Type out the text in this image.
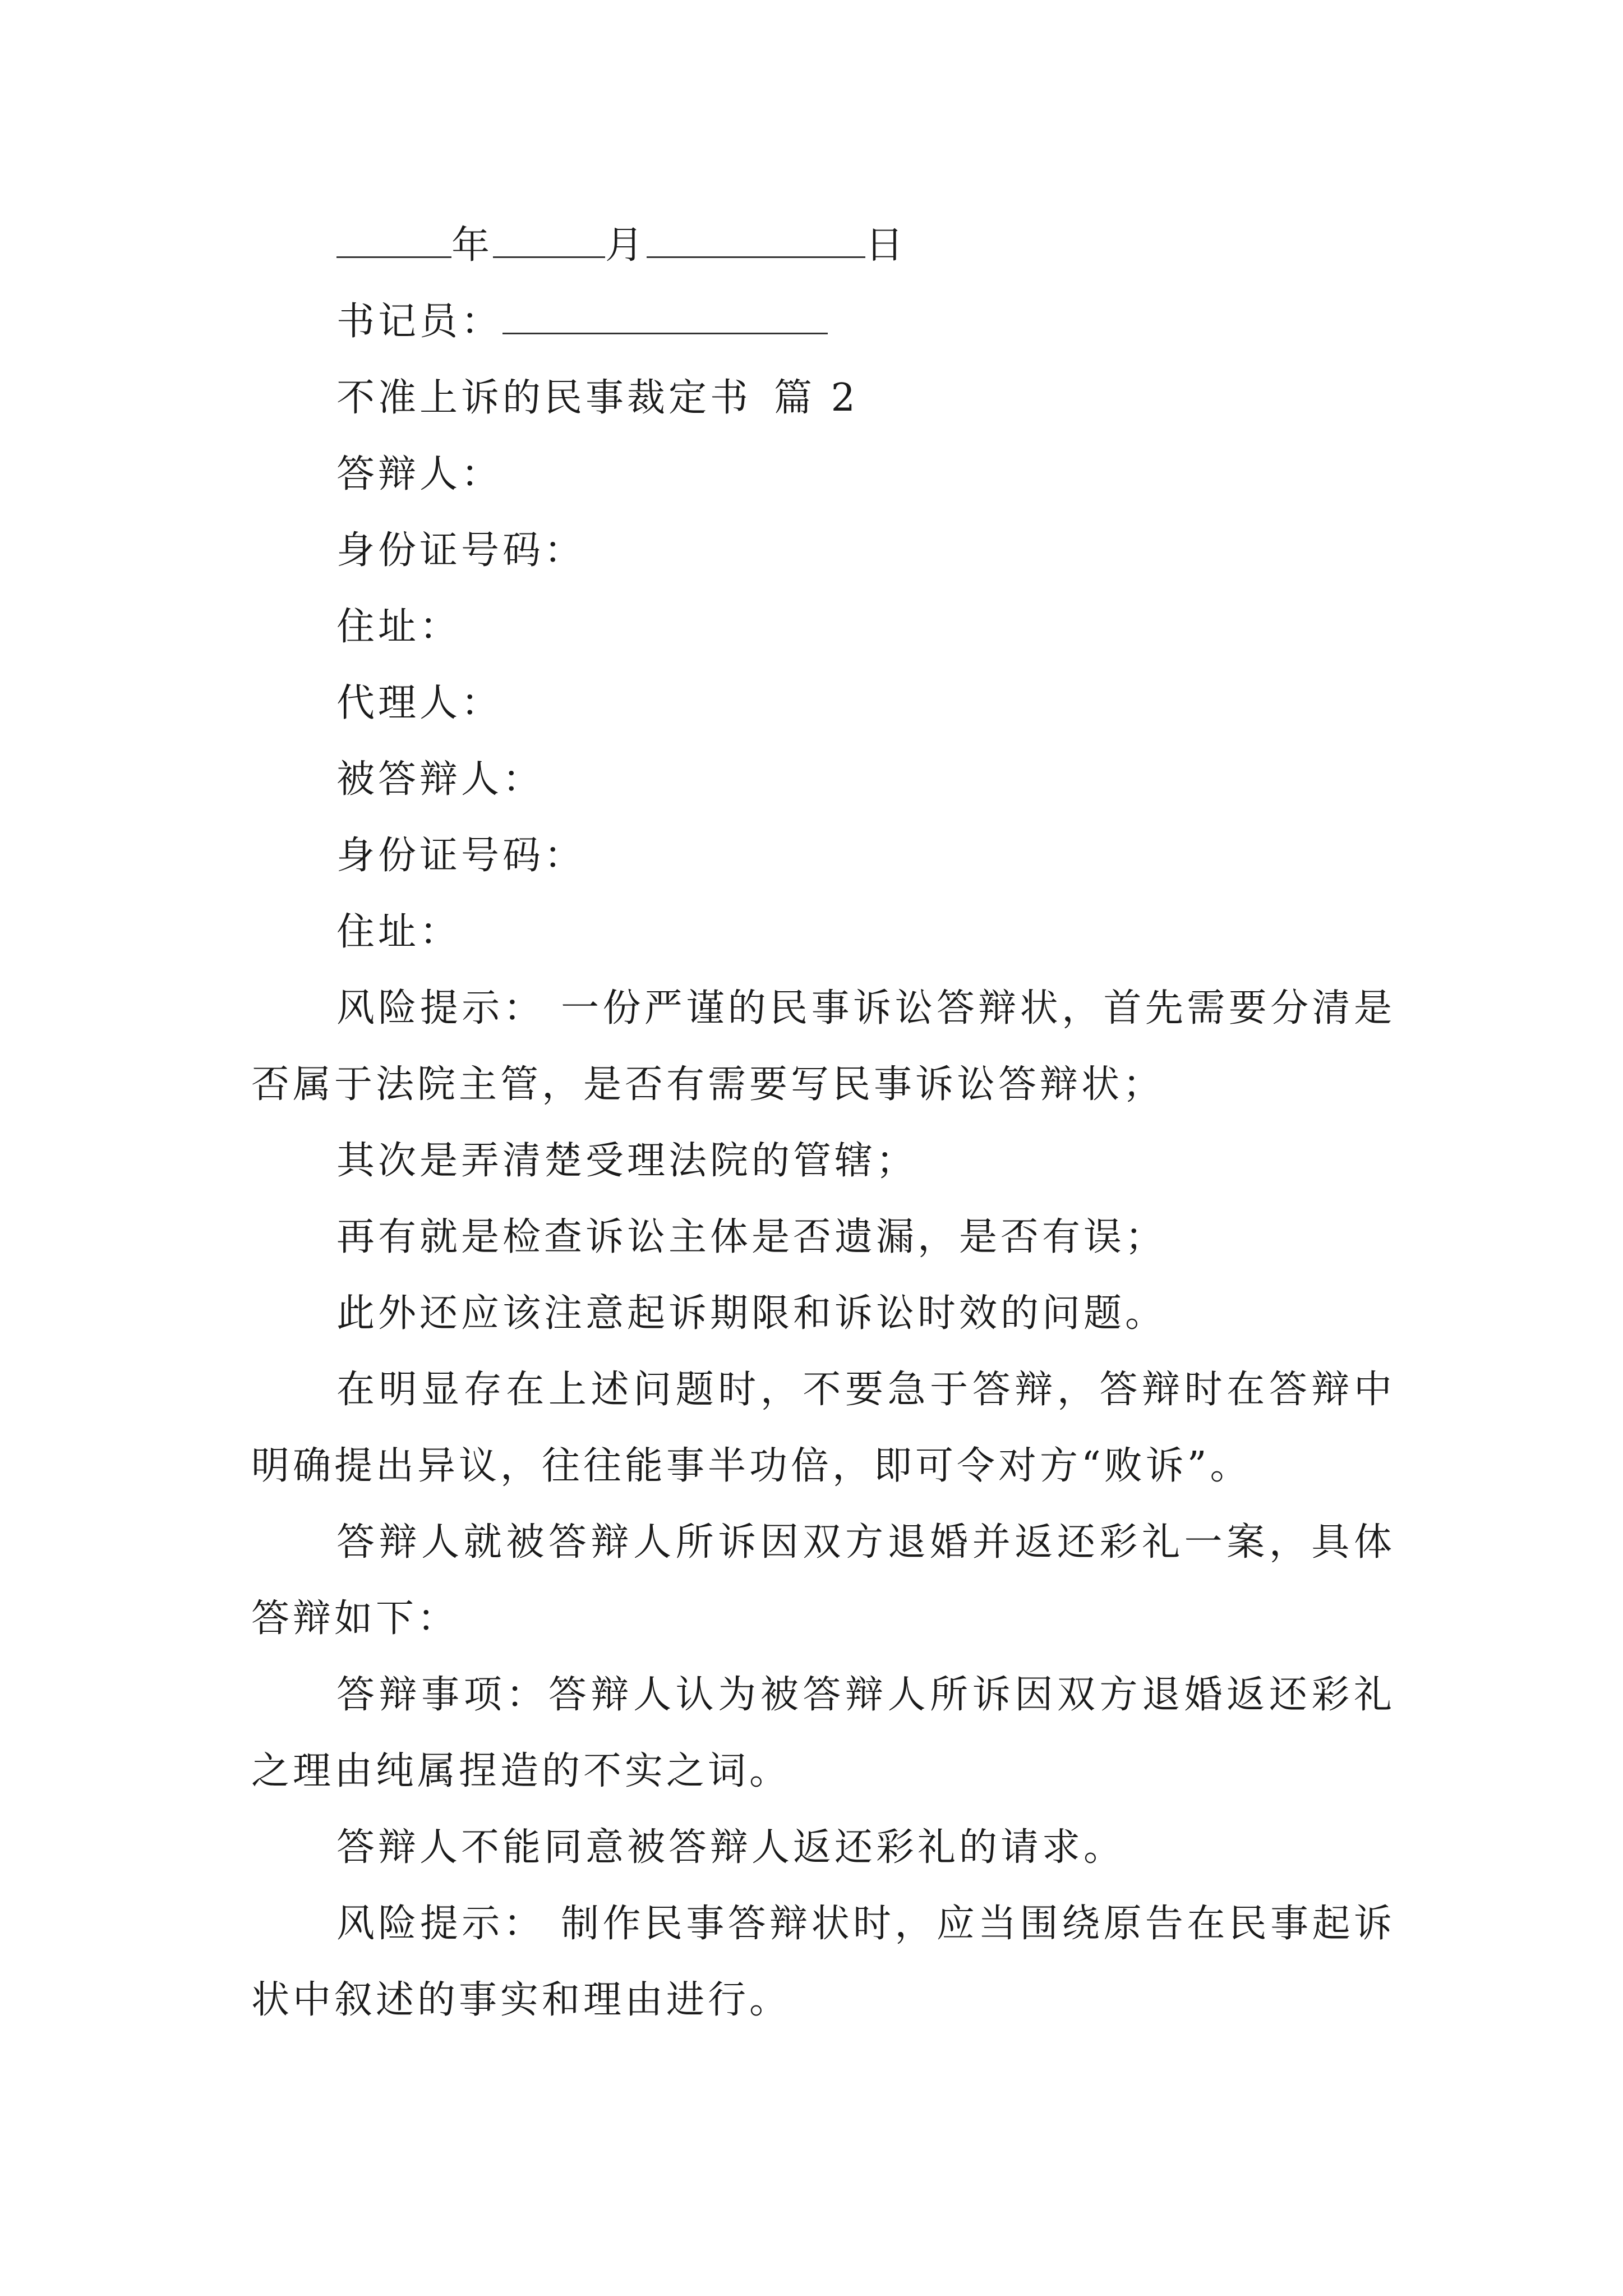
年	月	日
书记员：
不准上诉的民事裁定书 篇 2
答辩人：
身份证号码：
住址：
代理人：
被答辩人：
身份证号码：
住址：
风险提示： 一份严谨的民事诉讼答辩状，首先需要分清是否属于法院主管，是否有需要写民事诉讼答辩状；
其次是弄清楚受理法院的管辖；
再有就是检查诉讼主体是否遗漏，是否有误；
此外还应该注意起诉期限和诉讼时效的问题。
在明显存在上述问题时，不要急于答辩，答辩时在答辩中明确提出异议，往往能事半功倍，即可令对方“败诉”。
答辩人就被答辩人所诉因双方退婚并返还彩礼一案，具体答辩如下：
答辩事项：答辩人认为被答辩人所诉因双方退婚返还彩礼之理由纯属捏造的不实之词。
答辩人不能同意被答辩人返还彩礼的请求。
风险提示： 制作民事答辩状时，应当围绕原告在民事起诉状中叙述的事实和理由进行。
